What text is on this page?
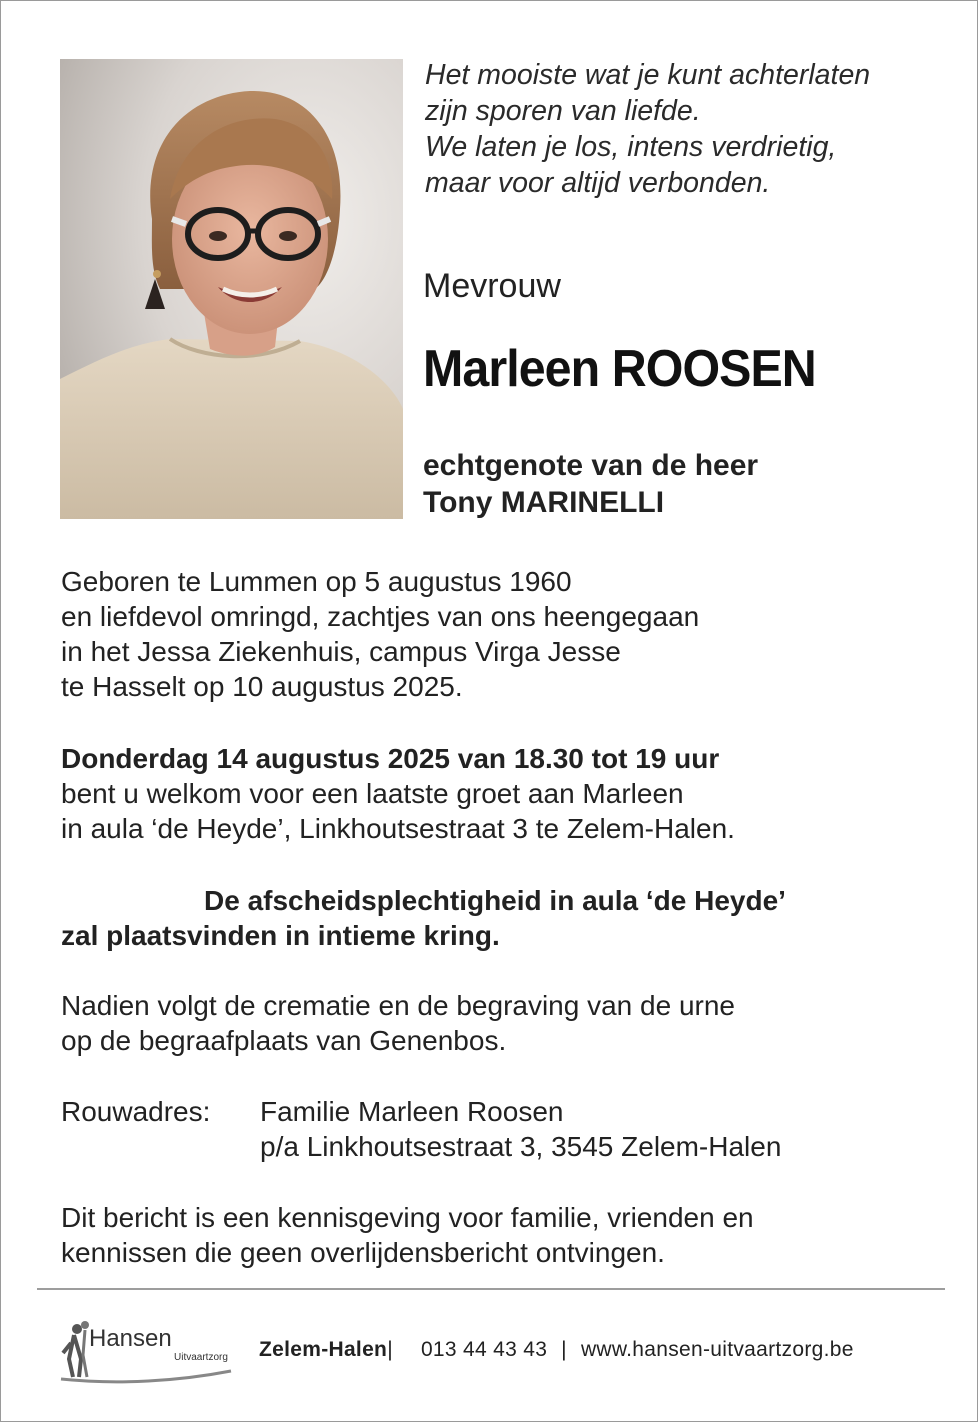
Het mooiste wat je kunt achterlaten
zijn sporen van liefde.
We laten je los, intens verdrietig,
maar voor altijd verbonden.
Mevrouw
Marleen ROOSEN
echtgenote van de heer
Tony MARINELLI
Geboren te Lummen op 5 augustus 1960
en liefdevol omringd, zachtjes van ons heengegaan
in het Jessa Ziekenhuis, campus Virga Jesse
te Hasselt op 10 augustus 2025.
Donderdag 14 augustus 2025 van 18.30 tot 19 uur
bent u welkom voor een laatste groet aan Marleen
in aula ‘de Heyde’, Linkhoutsestraat 3 te Zelem-Halen.
De afscheidsplechtigheid in aula ‘de Heyde’
zal plaatsvinden in intieme kring.
Nadien volgt de crematie en de begraving van de urne
op de begraafplaats van Genenbos.
Rouwadres: Familie Marleen Roosen
p/a Linkhoutsestraat 3, 3545 Zelem-Halen
Dit bericht is een kennisgeving voor familie, vrienden en
kennissen die geen overlijdensbericht ontvingen.
Hansen
Uitvaartzorg Zelem-Halen| 013 44 43 43 | www.hansen-uitvaartzorg.be
